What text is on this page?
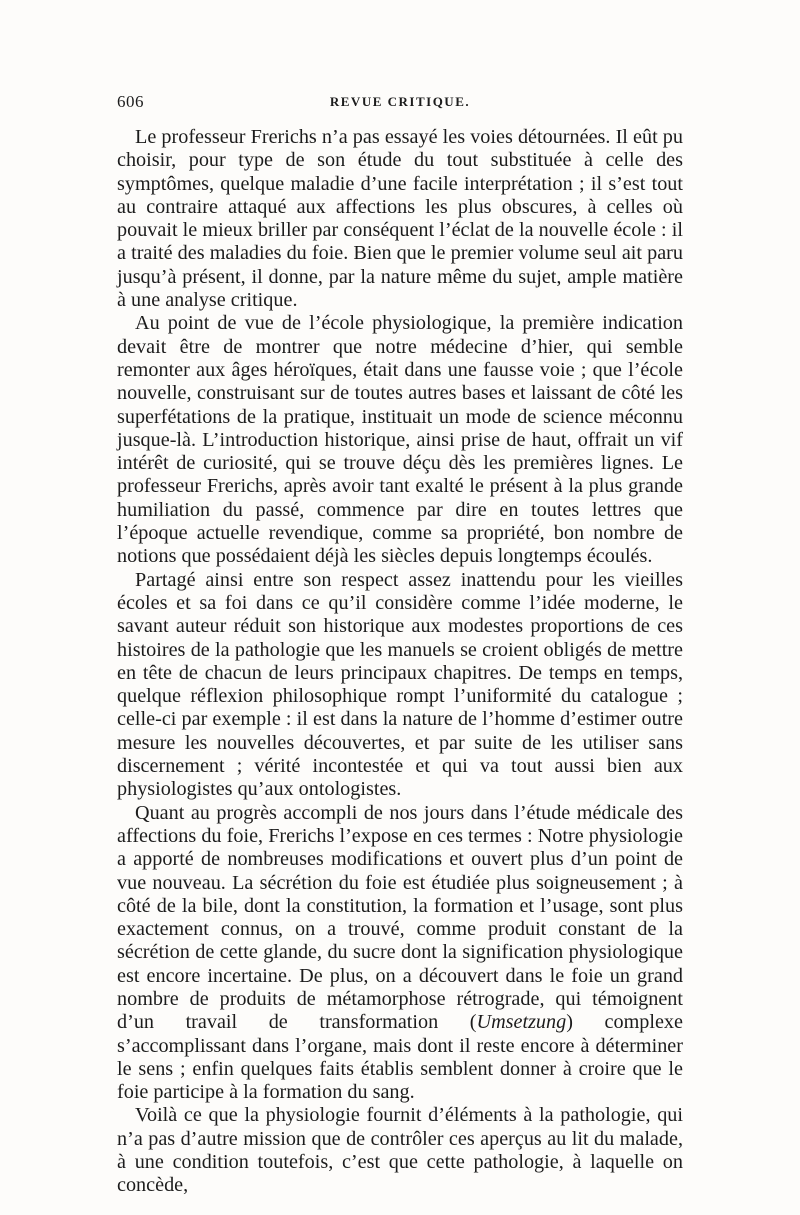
606	REVUE CRITIQUE.

Le professeur Frerichs n’a pas essayé les voies détournées. Il eût pu choisir, pour type de son étude du tout substituée à celle des symptômes, quelque maladie d’une facile interprétation ; il s’est tout au contraire attaqué aux affections les plus obscures, à celles où pouvait le mieux briller par conséquent l’éclat de la nouvelle école : il a traité des maladies du foie. Bien que le premier volume seul ait paru jusqu’à présent, il donne, par la nature même du sujet, ample matière à une analyse critique.

Au point de vue de l’école physiologique, la première indication devait être de montrer que notre médecine d’hier, qui semble remonter aux âges héroïques, était dans une fausse voie ; que l’école nouvelle, construisant sur de toutes autres bases et laissant de côté les superfétations de la pratique, instituait un mode de science méconnu jusque-là. L’introduction historique, ainsi prise de haut, offrait un vif intérêt de curiosité, qui se trouve déçu dès les premières lignes. Le professeur Frerichs, après avoir tant exalté le présent à la plus grande humiliation du passé, commence par dire en toutes lettres que l’époque actuelle revendique, comme sa propriété, bon nombre de notions que possédaient déjà les siècles depuis longtemps écoulés.

Partagé ainsi entre son respect assez inattendu pour les vieilles écoles et sa foi dans ce qu’il considère comme l’idée moderne, le savant auteur réduit son historique aux modestes proportions de ces histoires de la pathologie que les manuels se croient obligés de mettre en tête de chacun de leurs principaux chapitres. De temps en temps, quelque réflexion philosophique rompt l’uniformité du catalogue ; celle-ci par exemple : il est dans la nature de l’homme d’estimer outre mesure les nouvelles découvertes, et par suite de les utiliser sans discernement ; vérité incontestée et qui va tout aussi bien aux physiologistes qu’aux ontologistes.

Quant au progrès accompli de nos jours dans l’étude médicale des affections du foie, Frerichs l’expose en ces termes : Notre physiologie a apporté de nombreuses modifications et ouvert plus d’un point de vue nouveau. La sécrétion du foie est étudiée plus soigneusement ; à côté de la bile, dont la constitution, la formation et l’usage, sont plus exactement connus, on a trouvé, comme produit constant de la sécrétion de cette glande, du sucre dont la signification physiologique est encore incertaine. De plus, on a découvert dans le foie un grand nombre de produits de métamorphose rétrograde, qui témoignent d’un travail de transformation (Umsetzung) complexe s’accomplissant dans l’organe, mais dont il reste encore à déterminer le sens ; enfin quelques faits établis semblent donner à croire que le foie participe à la formation du sang.

Voilà ce que la physiologie fournit d’éléments à la pathologie, qui n’a pas d’autre mission que de contrôler ces aperçus au lit du malade, à une condition toutefois, c’est que cette pathologie, à laquelle on concède,
